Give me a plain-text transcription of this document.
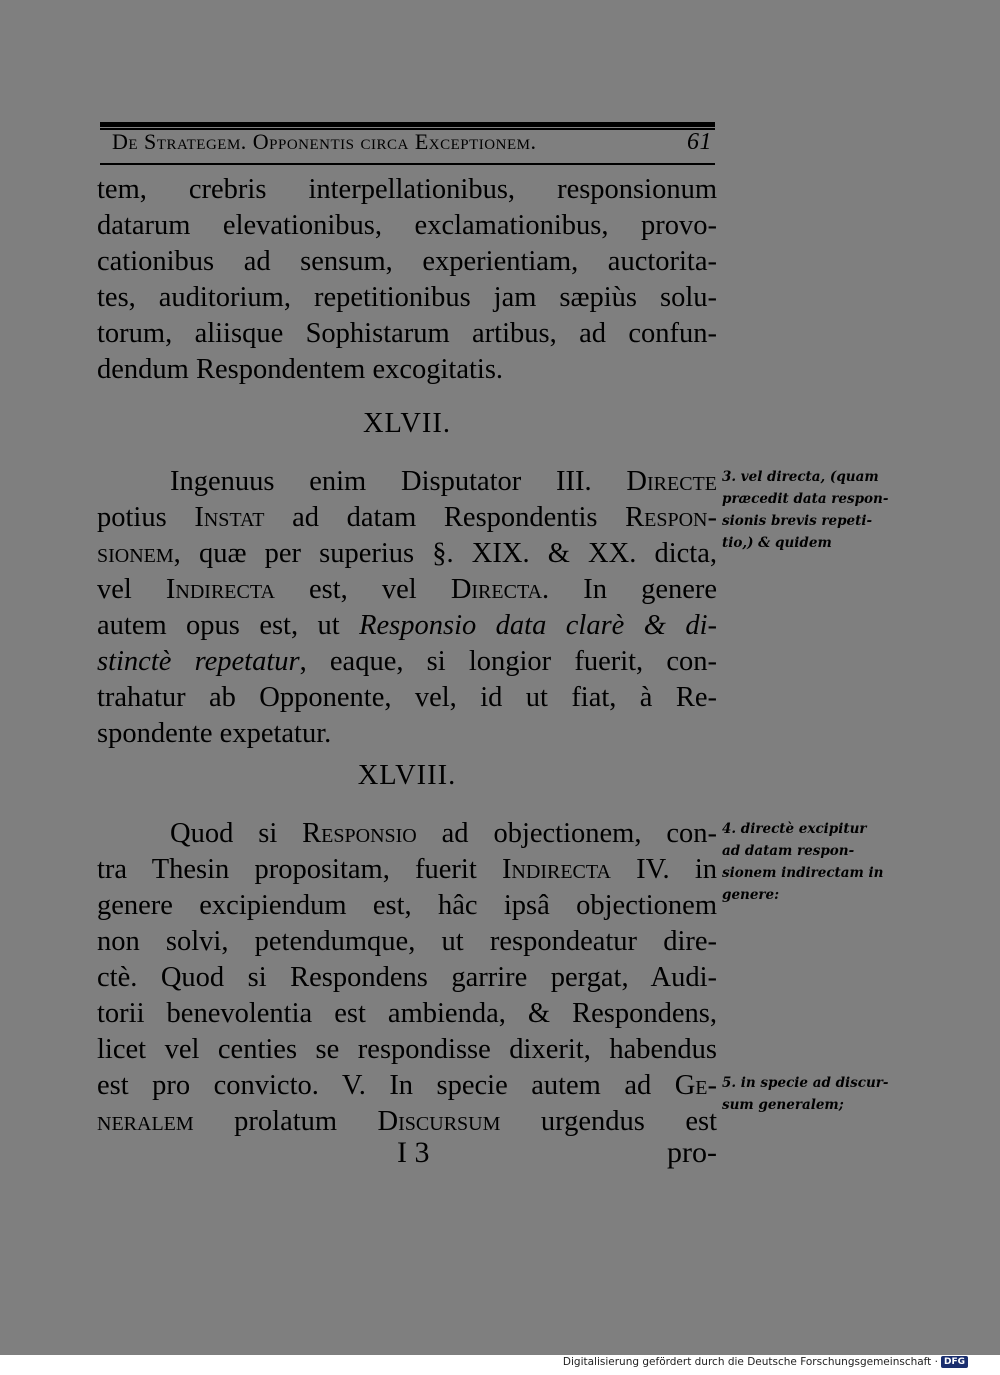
De Strategem. Opponentis circa Exceptionem.	61
tem, crebris interpellationibus, responsionum
datarum elevationibus, exclamationibus, provo-
cationibus ad sensum, experientiam, auctorita-
tes, auditorium, repetitionibus jam sæpiùs solu-
torum, aliisque Sophistarum artibus, ad confun-
dendum Respondentem excogitatis.
XLVII.
Ingenuus enim Disputator III. Directe
potius Instat ad datam Respondentis Respon-
sionem, quæ per superius §. XIX. & XX. dicta,
vel Indirecta est, vel Directa. In genere
autem opus est, ut Responsio data clarè & di-
stinctè repetatur, eaque, si longior fuerit, con-
trahatur ab Opponente, vel, id ut fiat, à Re-
spondente expetatur.
3. vel directa, (quam
præcedit data respon-
sionis brevis repeti-
tio,) & quidem
XLVIII.
Quod si Responsio ad objectionem, con-
tra Thesin propositam, fuerit Indirecta IV. in
genere excipiendum est, hâc ipsâ objectionem
non solvi, petendumque, ut respondeatur dire-
ctè. Quod si Respondens garrire pergat, Audi-
torii benevolentia est ambienda, & Respondens,
licet vel centies se respondisse dixerit, habendus
est pro convicto. V. In specie autem ad Ge-
neralem prolatum Discursum urgendus est
4. directè excipitur
ad datam respon-
sionem indirectam in
genere:
5. in specie ad discur-
sum generalem;
I 3	pro-
Digitalisierung gefördert durch die Deutsche Forschungsgemeinschaft · DFG
